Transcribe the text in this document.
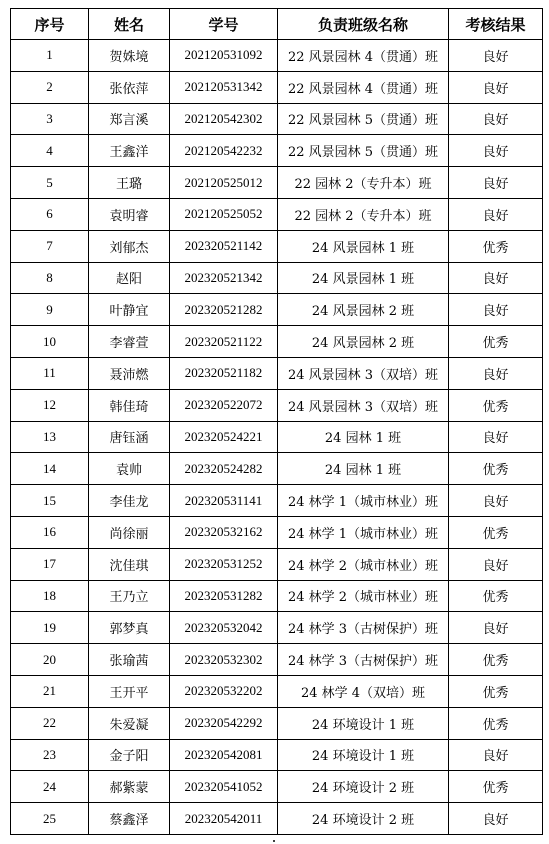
序号	姓名	学号	负责班级名称	考核结果
1	贺姝境	202120531092	22 风景园林 4（贯通）班	良好
2	张依萍	202120531342	22 风景园林 4（贯通）班	良好
3	郑言溪	202120542302	22 风景园林 5（贯通）班	良好
4	王鑫洋	202120542232	22 风景园林 5（贯通）班	良好
5	王璐	202120525012	22 园林 2（专升本）班	良好
6	袁明睿	202120525052	22 园林 2（专升本）班	良好
7	刘郁杰	202320521142	24 风景园林 1 班	优秀
8	赵阳	202320521342	24 风景园林 1 班	良好
9	叶静宜	202320521282	24 风景园林 2 班	良好
10	李睿萱	202320521122	24 风景园林 2 班	优秀
11	聂沛燃	202320521182	24 风景园林 3（双培）班	良好
12	韩佳琦	202320522072	24 风景园林 3（双培）班	优秀
13	唐钰涵	202320524221	24 园林 1 班	良好
14	袁帅	202320524282	24 园林 1 班	优秀
15	李佳龙	202320531141	24 林学 1（城市林业）班	良好
16	尚徐丽	202320532162	24 林学 1（城市林业）班	优秀
17	沈佳琪	202320531252	24 林学 2（城市林业）班	良好
18	王乃立	202320531282	24 林学 2（城市林业）班	优秀
19	郭梦真	202320532042	24 林学 3（古树保护）班	良好
20	张瑜茜	202320532302	24 林学 3（古树保护）班	优秀
21	王开平	202320532202	24 林学 4（双培）班	优秀
22	朱爱凝	202320542292	24 环境设计 1 班	优秀
23	金子阳	202320542081	24 环境设计 1 班	良好
24	郝紫蒙	202320541052	24 环境设计 2 班	优秀
25	蔡鑫泽	202320542011	24 环境设计 2 班	良好
